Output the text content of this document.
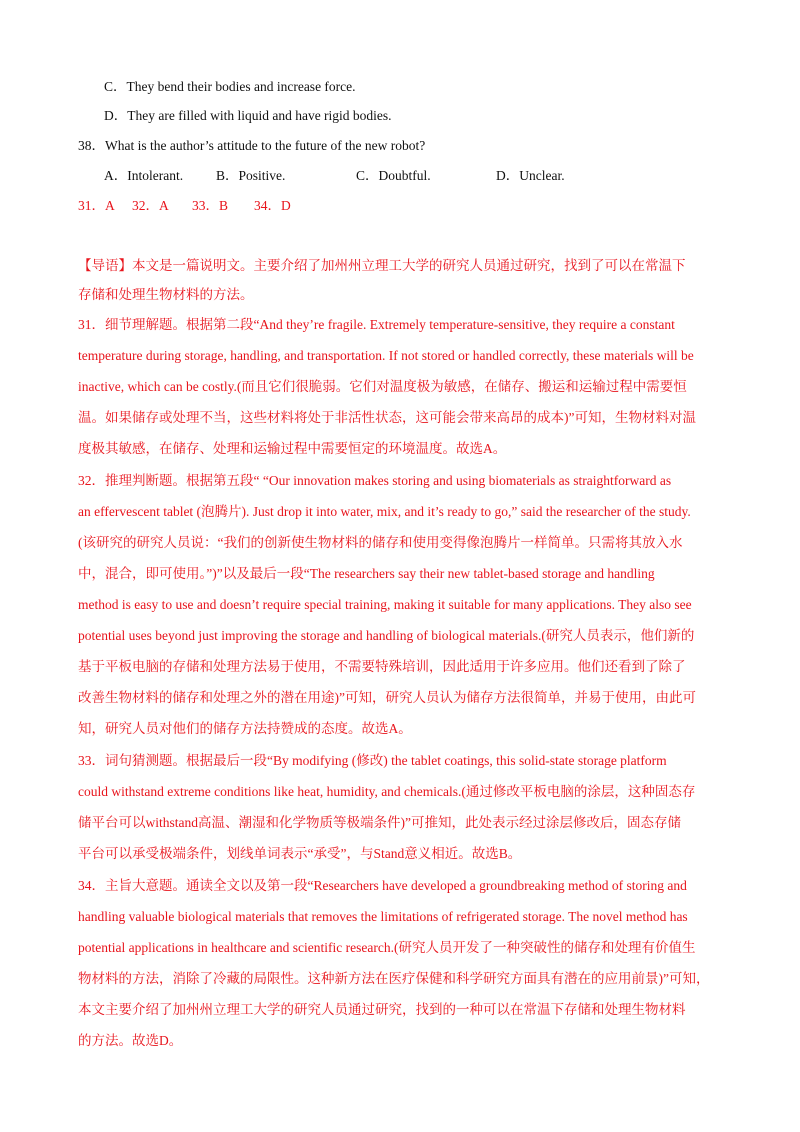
C．They bend their bodies and increase force.
D．They are filled with liquid and have rigid bodies.
38．What is the author’s attitude to the future of the new robot?
A．Intolerant. B．Positive.	C．Doubtful.	D．Unclear.
31．A 32．A 33．B 34．D
【导语】本文是一篇说明文。主要介绍了加州州立理工大学的研究人员通过研究，找到了可以在常温下
存储和处理生物材料的方法。
31．细节理解题。根据第二段“And they’re fragile. Extremely temperature-sensitive, they require a constant
temperature during storage, handling, and transportation. If not stored or handled correctly, these materials will be
inactive, which can be costly.(而且它们很脆弱。它们对温度极为敏感，在储存、搬运和运输过程中需要恒
温。如果储存或处理不当，这些材料将处于非活性状态，这可能会带来高昂的成本)”可知，生物材料对温
度极其敏感，在储存、处理和运输过程中需要恒定的环境温度。故选A。
32．推理判断题。根据第五段“ “Our innovation makes storing and using biomaterials as straightforward as
an effervescent tablet (泡腾片). Just drop it into water, mix, and it’s ready to go,” said the researcher of the study.
(该研究的研究人员说：“我们的创新使生物材料的储存和使用变得像泡腾片一样简单。只需将其放入水
中，混合，即可使用。”)”以及最后一段“The researchers say their new tablet-based storage and handling
method is easy to use and doesn’t require special training, making it suitable for many applications. They also see
potential uses beyond just improving the storage and handling of biological materials.(研究人员表示，他们新的
基于平板电脑的存储和处理方法易于使用，不需要特殊培训，因此适用于许多应用。他们还看到了除了
改善生物材料的储存和处理之外的潜在用途)”可知，研究人员认为储存方法很简单，并易于使用，由此可
知，研究人员对他们的储存方法持赞成的态度。故选A。
33．词句猜测题。根据最后一段“By modifying (修改) the tablet coatings, this solid-state storage platform
could withstand extreme conditions like heat, humidity, and chemicals.(通过修改平板电脑的涂层，这种固态存
储平台可以withstand高温、潮湿和化学物质等极端条件)”可推知，此处表示经过涂层修改后，固态存储
平台可以承受极端条件，划线单词表示“承受”，与Stand意义相近。故选B。
34．主旨大意题。通读全文以及第一段“Researchers have developed a groundbreaking method of storing and
handling valuable biological materials that removes the limitations of refrigerated storage. The novel method has
potential applications in healthcare and scientific research.(研究人员开发了一种突破性的储存和处理有价值生
物材料的方法，消除了冷藏的局限性。这种新方法在医疗保健和科学研究方面具有潜在的应用前景)”可知，
本文主要介绍了加州州立理工大学的研究人员通过研究，找到的一种可以在常温下存储和处理生物材料
的方法。故选D。
